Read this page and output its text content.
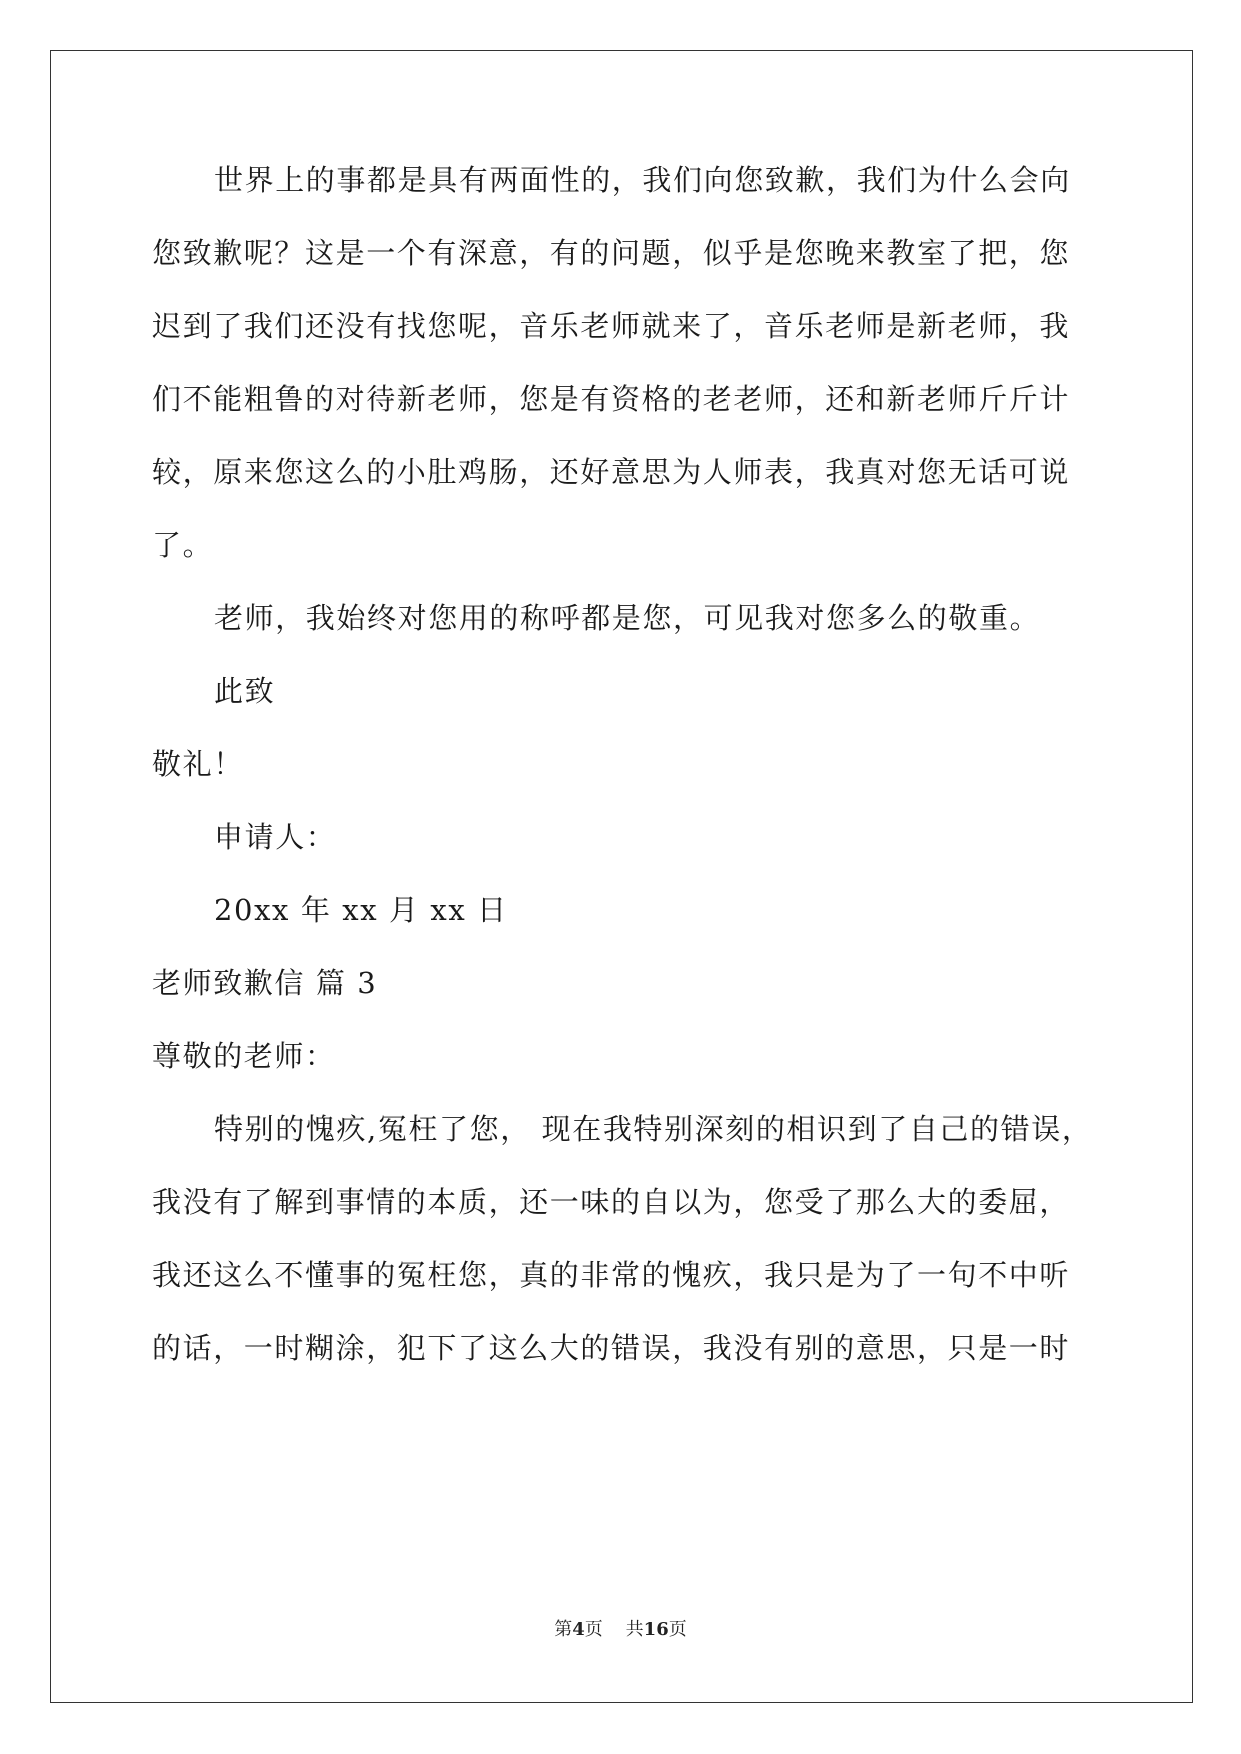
世界上的事都是具有两面性的，我们向您致歉，我们为什么会向
您致歉呢？这是一个有深意，有的问题，似乎是您晚来教室了把，您
迟到了我们还没有找您呢，音乐老师就来了，音乐老师是新老师，我
们不能粗鲁的对待新老师，您是有资格的老老师，还和新老师斤斤计
较，原来您这么的小肚鸡肠，还好意思为人师表，我真对您无话可说
了。
老师，我始终对您用的称呼都是您，可见我对您多么的敬重。
此致
敬礼！
申请人：
20xx 年 xx 月 xx 日
老师致歉信 篇 3
尊敬的老师：
特别的愧疚,冤枉了您， 现在我特别深刻的相识到了自己的错误，
我没有了解到事情的本质，还一味的自以为，您受了那么大的委屈，
我还这么不懂事的冤枉您，真的非常的愧疚，我只是为了一句不中听
的话，一时糊涂，犯下了这么大的错误，我没有别的意思，只是一时
第4页 共16页
